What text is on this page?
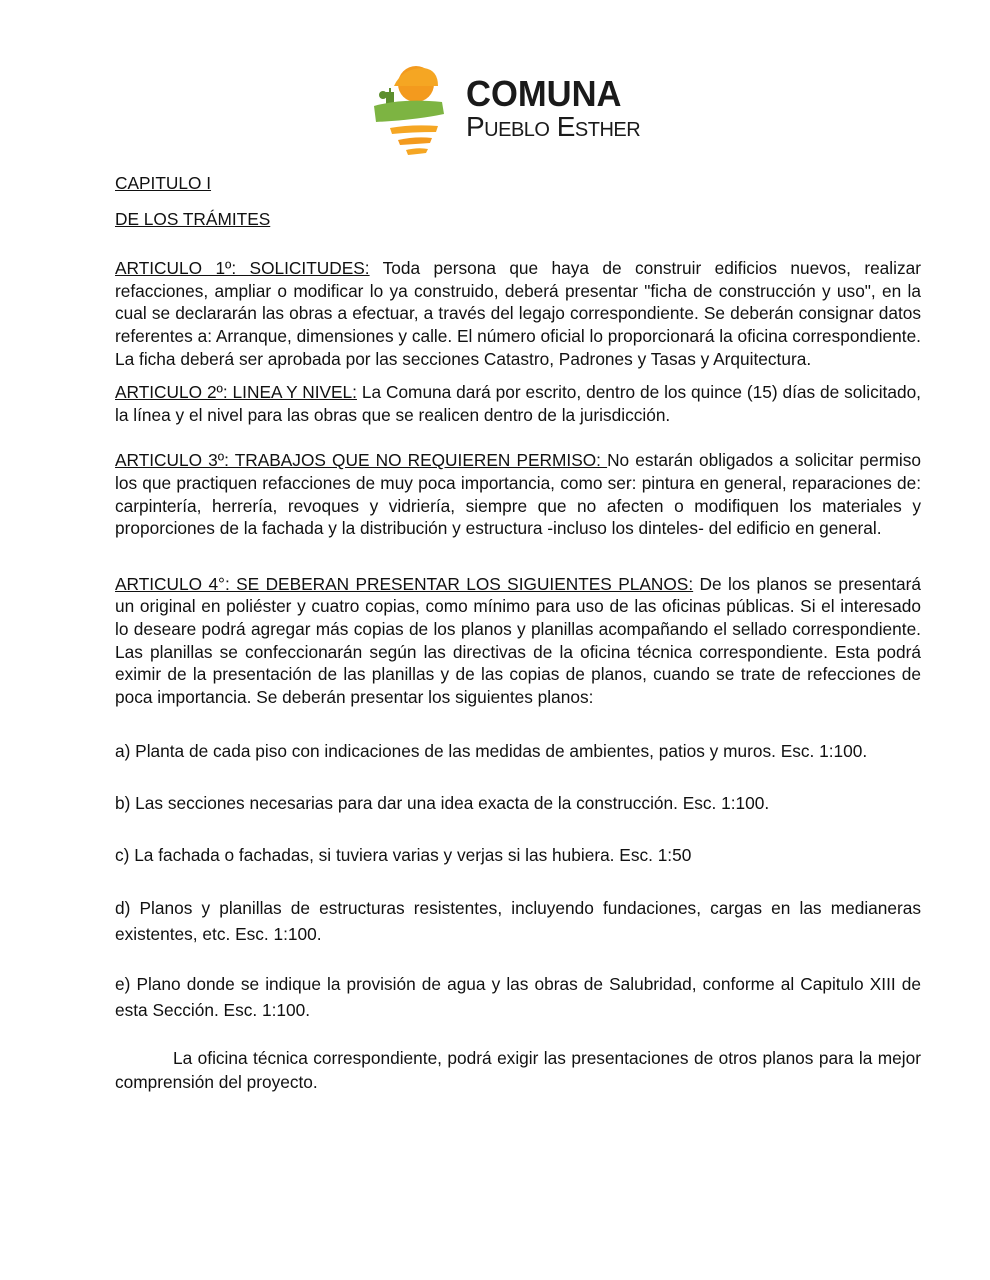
COMUNA
Pueblo Esther

CAPITULO I

DE LOS TRÁMITES

ARTICULO 1º: SOLICITUDES: Toda persona que haya de construir edificios nuevos, realizar refacciones, ampliar o modificar lo ya construido, deberá presentar "ficha de construcción y uso", en la cual se declararán las obras a efectuar, a través del legajo correspondiente. Se deberán consignar datos referentes a: Arranque, dimensiones y calle. El número oficial lo proporcionará la oficina correspondiente. La ficha deberá ser aprobada por las secciones Catastro, Padrones y Tasas y Arquitectura.

ARTICULO 2º: LINEA Y NIVEL: La Comuna dará por escrito, dentro de los quince (15) días de solicitado, la línea y el nivel para las obras que se realicen dentro de la jurisdicción.

ARTICULO 3º: TRABAJOS QUE NO REQUIEREN PERMISO: No estarán obligados a solicitar permiso los que practiquen refacciones de muy poca importancia, como ser: pintura en general, reparaciones de: carpintería, herrería, revoques y vidriería, siempre que no afecten o modifiquen los materiales y proporciones de la fachada y la distribución y estructura -incluso los dinteles- del edificio en general.

ARTICULO 4°: SE DEBERAN PRESENTAR LOS SIGUIENTES PLANOS: De los planos se presentará un original en poliéster y cuatro copias, como mínimo para uso de las oficinas públicas. Si el interesado lo deseare podrá agregar más copias de los planos y planillas acompañando el sellado correspondiente. Las planillas se confeccionarán según las directivas de la oficina técnica correspondiente. Esta podrá eximir de la presentación de las planillas y de las copias de planos, cuando se trate de refecciones de poca importancia. Se deberán presentar los siguientes planos:

a) Planta de cada piso con indicaciones de las medidas de ambientes, patios y muros. Esc. 1:100.

b) Las secciones necesarias para dar una idea exacta de la construcción. Esc. 1:100.

c) La fachada o fachadas, si tuviera varias y verjas si las hubiera. Esc. 1:50

d) Planos y planillas de estructuras resistentes, incluyendo fundaciones, cargas en las medianeras existentes, etc. Esc. 1:100.

e) Plano donde se indique la provisión de agua y las obras de Salubridad, conforme al Capitulo XIII de esta Sección. Esc. 1:100.

La oficina técnica correspondiente, podrá exigir las presentaciones de otros planos para la mejor comprensión del proyecto.
